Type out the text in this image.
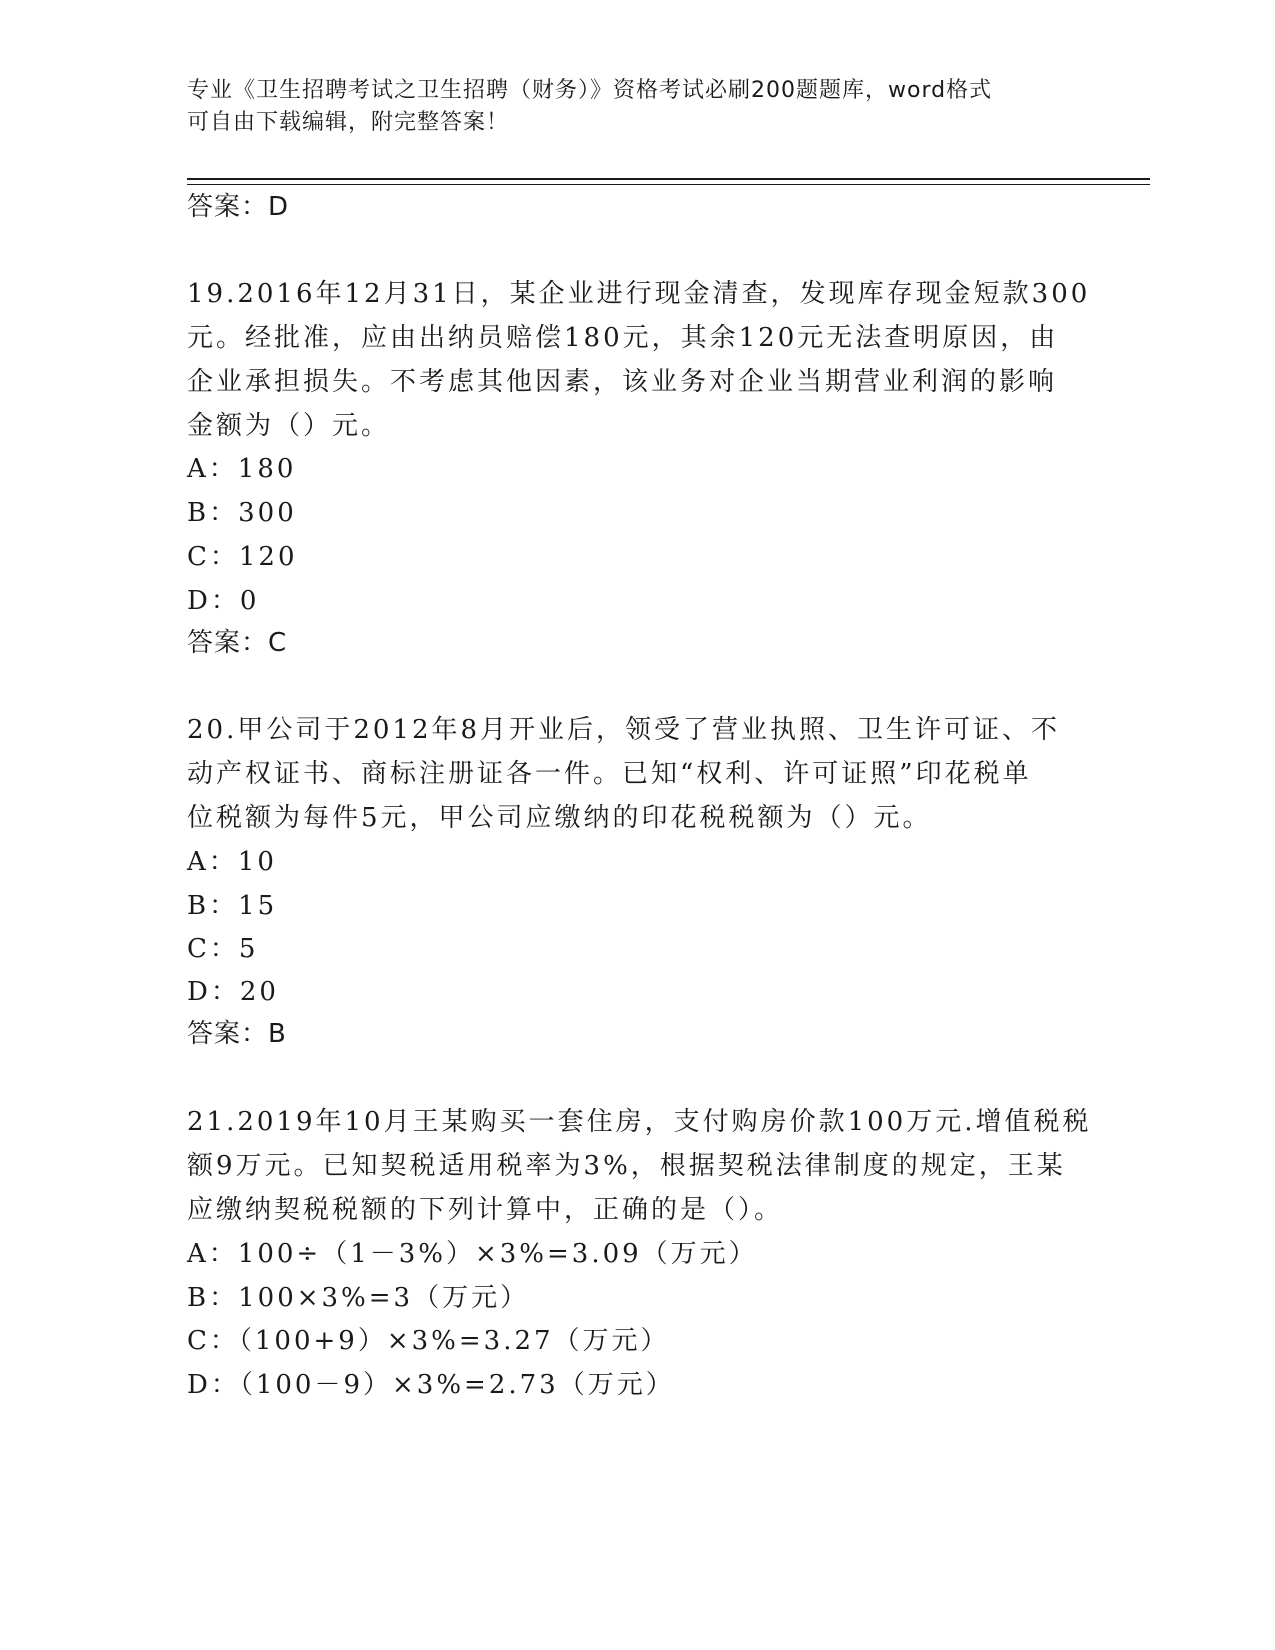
专业《卫生招聘考试之卫生招聘（财务）》资格考试必刷200题题库，word格式
可自由下载编辑，附完整答案！
答案：D
19.2016年12月31日，某企业进行现金清查，发现库存现金短款300
元。经批准，应由出纳员赔偿180元，其余120元无法查明原因，由
企业承担损失。不考虑其他因素，该业务对企业当期营业利润的影响
金额为（）元。
A：180
B：300
C：120
D：0
答案：C
20.甲公司于2012年8月开业后，领受了营业执照、卫生许可证、不
动产权证书、商标注册证各一件。已知“权利、许可证照”印花税单
位税额为每件5元，甲公司应缴纳的印花税税额为（）元。
A：10
B：15
C：5
D：20
答案：B
21.2019年10月王某购买一套住房，支付购房价款100万元.增值税税
额9万元。已知契税适用税率为3%，根据契税法律制度的规定，王某
应缴纳契税税额的下列计算中，正确的是（）。
A：100÷（1－3%）×3%=3.09（万元）
B：100×3%=3（万元）
C：（100+9）×3%=3.27（万元）
D：（100－9）×3%=2.73（万元）
